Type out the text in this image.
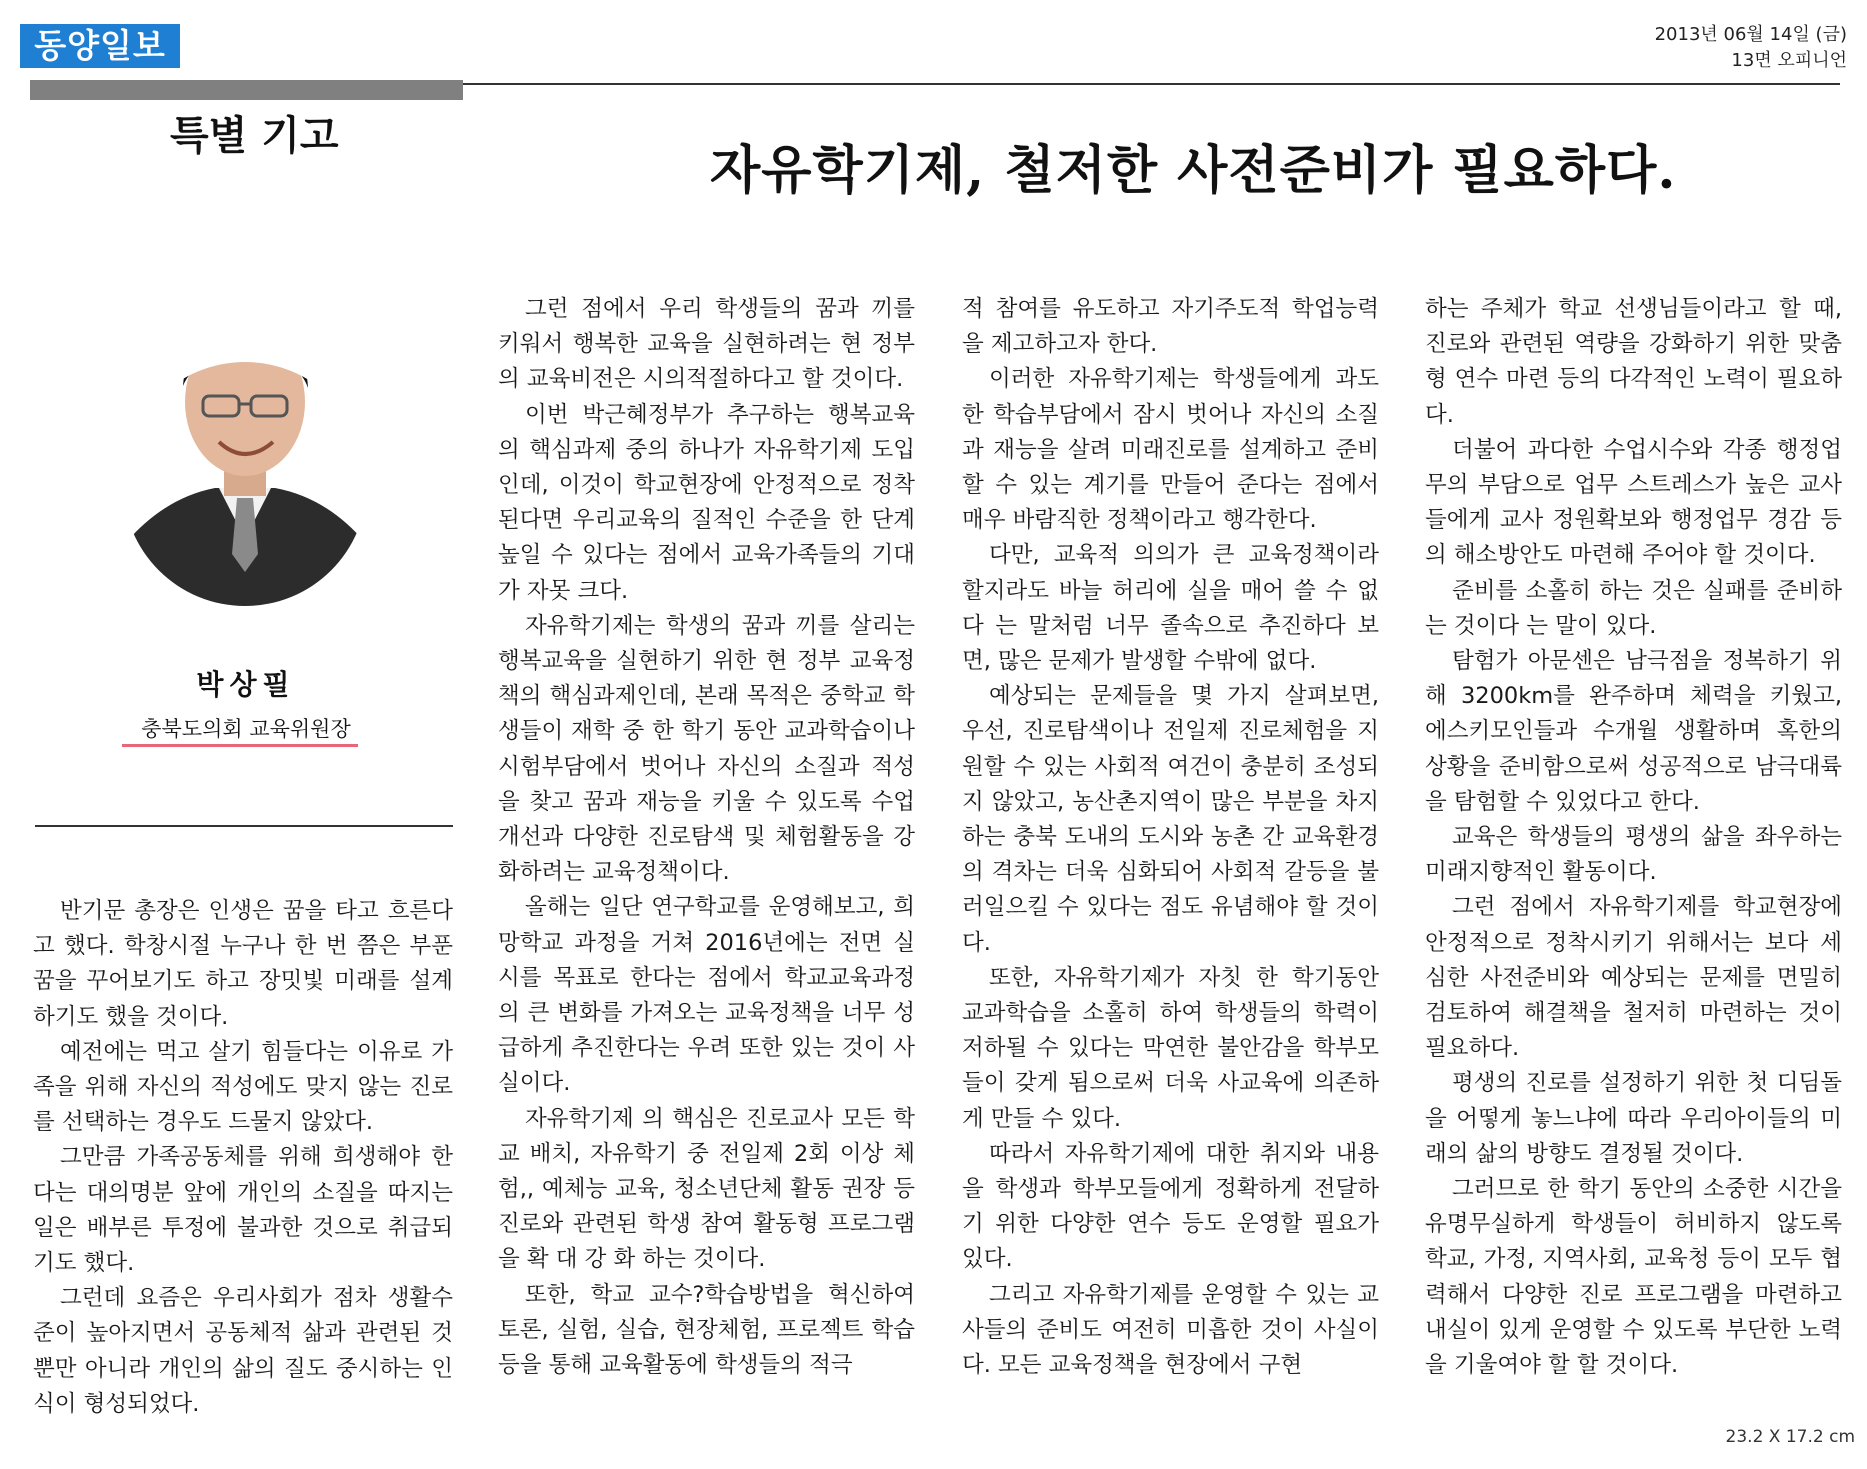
동양일보	2013년 06월 14일 (금)
13면 오피니언
특별 기고
자유학기제, 철저한 사전준비가 필요하다.
박상필
충북도의회 교육위원장

반기문 총장은 인생은 꿈을 타고 흐른다 고 했다. 학창시절 누구나 한 번 쯤은 부푼 꿈을 꾸어보기도 하고 장밋빛 미래를 설계하기도 했을 것이다.

예전에는 먹고 살기 힘들다는 이유로 가족을 위해 자신의 적성에도 맞지 않는 진로를 선택하는 경우도 드물지 않았다.

그만큼 가족공동체를 위해 희생해야 한다는 대의명분 앞에 개인의 소질을 따지는 일은 배부른 투정에 불과한 것으로 취급되기도 했다.

그런데 요즘은 우리사회가 점차 생활수준이 높아지면서 공동체적 삶과 관련된 것뿐만 아니라 개인의 삶의 질도 중시하는 인식이 형성되었다.

그런 점에서 우리 학생들의 꿈과 끼를 키워서 행복한 교육을 실현하려는 현 정부의 교육비전은 시의적절하다고 할 것이다.

이번 박근혜정부가 추구하는 행복교육의 핵심과제 중의 하나가 자유학기제 도입인데, 이것이 학교현장에 안정적으로 정착된다면 우리교육의 질적인 수준을 한 단계 높일 수 있다는 점에서 교육가족들의 기대가 자못 크다.

자유학기제는 학생의 꿈과 끼를 살리는 행복교육을 실현하기 위한 현 정부 교육정책의 핵심과제인데, 본래 목적은 중학교 학생들이 재학 중 한 학기 동안 교과학습이나 시험부담에서 벗어나 자신의 소질과 적성을 찾고 꿈과 재능을 키울 수 있도록 수업개선과 다양한 진로탐색 및 체험활동을 강화하려는 교육정책이다.

올해는 일단 연구학교를 운영해보고, 희망학교 과정을 거쳐 2016년에는 전면 실시를 목표로 한다는 점에서 학교교육과정의 큰 변화를 가져오는 교육정책을 너무 성급하게 추진한다는 우려 또한 있는 것이 사실이다.

자유학기제 의 핵심은 진로교사 모든 학교 배치, 자유학기 중 전일제 2회 이상 체험,, 예체능 교육, 청소년단체 활동 권장 등 진로와 관련된 학생 참여 활동형 프로그램을 확 대 강 화 하는 것이다.

또한, 학교 교수?학습방법을 혁신하여 토론, 실험, 실습, 현장체험, 프로젝트 학습 등을 통해 교육활동에 학생들의 적극

적 참여를 유도하고 자기주도적 학업능력을 제고하고자 한다.

이러한 자유학기제는 학생들에게 과도한 학습부담에서 잠시 벗어나 자신의 소질과 재능을 살려 미래진로를 설계하고 준비할 수 있는 계기를 만들어 준다는 점에서 매우 바람직한 정책이라고 행각한다.

다만, 교육적 의의가 큰 교육정책이라 할지라도 바늘 허리에 실을 매어 쓸 수 없다 는 말처럼 너무 졸속으로 추진하다 보면, 많은 문제가 발생할 수밖에 없다.

예상되는 문제들을 몇 가지 살펴보면, 우선, 진로탐색이나 전일제 진로체험을 지원할 수 있는 사회적 여건이 충분히 조성되지 않았고, 농산촌지역이 많은 부분을 차지하는 충북 도내의 도시와 농촌 간 교육환경의 격차는 더욱 심화되어 사회적 갈등을 불러일으킬 수 있다는 점도 유념해야 할 것이다.

또한, 자유학기제가 자칫 한 학기동안 교과학습을 소홀히 하여 학생들의 학력이 저하될 수 있다는 막연한 불안감을 학부모들이 갖게 됨으로써 더욱 사교육에 의존하게 만들 수 있다.

따라서 자유학기제에 대한 취지와 내용을 학생과 학부모들에게 정확하게 전달하기 위한 다양한 연수 등도 운영할 필요가 있다.

그리고 자유학기제를 운영할 수 있는 교사들의 준비도 여전히 미흡한 것이 사실이다. 모든 교육정책을 현장에서 구현

하는 주체가 학교 선생님들이라고 할 때, 진로와 관련된 역량을 강화하기 위한 맞춤형 연수 마련 등의 다각적인 노력이 필요하다.

더불어 과다한 수업시수와 각종 행정업무의 부담으로 업무 스트레스가 높은 교사들에게 교사 정원확보와 행정업무 경감 등의 해소방안도 마련해 주어야 할 것이다.

준비를 소홀히 하는 것은 실패를 준비하는 것이다 는 말이 있다.

탐험가 아문센은 남극점을 정복하기 위해 3200km를 완주하며 체력을 키웠고, 에스키모인들과 수개월 생활하며 혹한의 상황을 준비함으로써 성공적으로 남극대륙을 탐험할 수 있었다고 한다.

교육은 학생들의 평생의 삶을 좌우하는 미래지향적인 활동이다.

그런 점에서 자유학기제를 학교현장에 안정적으로 정착시키기 위해서는 보다 세심한 사전준비와 예상되는 문제를 면밀히 검토하여 해결책을 철저히 마련하는 것이 필요하다.

평생의 진로를 설정하기 위한 첫 디딤돌을 어떻게 놓느냐에 따라 우리아이들의 미래의 삶의 방향도 결정될 것이다.

그러므로 한 학기 동안의 소중한 시간을 유명무실하게 학생들이 허비하지 않도록 학교, 가정, 지역사회, 교육청 등이 모두 협력해서 다양한 진로 프로그램을 마련하고 내실이 있게 운영할 수 있도록 부단한 노력을 기울여야 할 할 것이다.

23.2 X 17.2 cm
